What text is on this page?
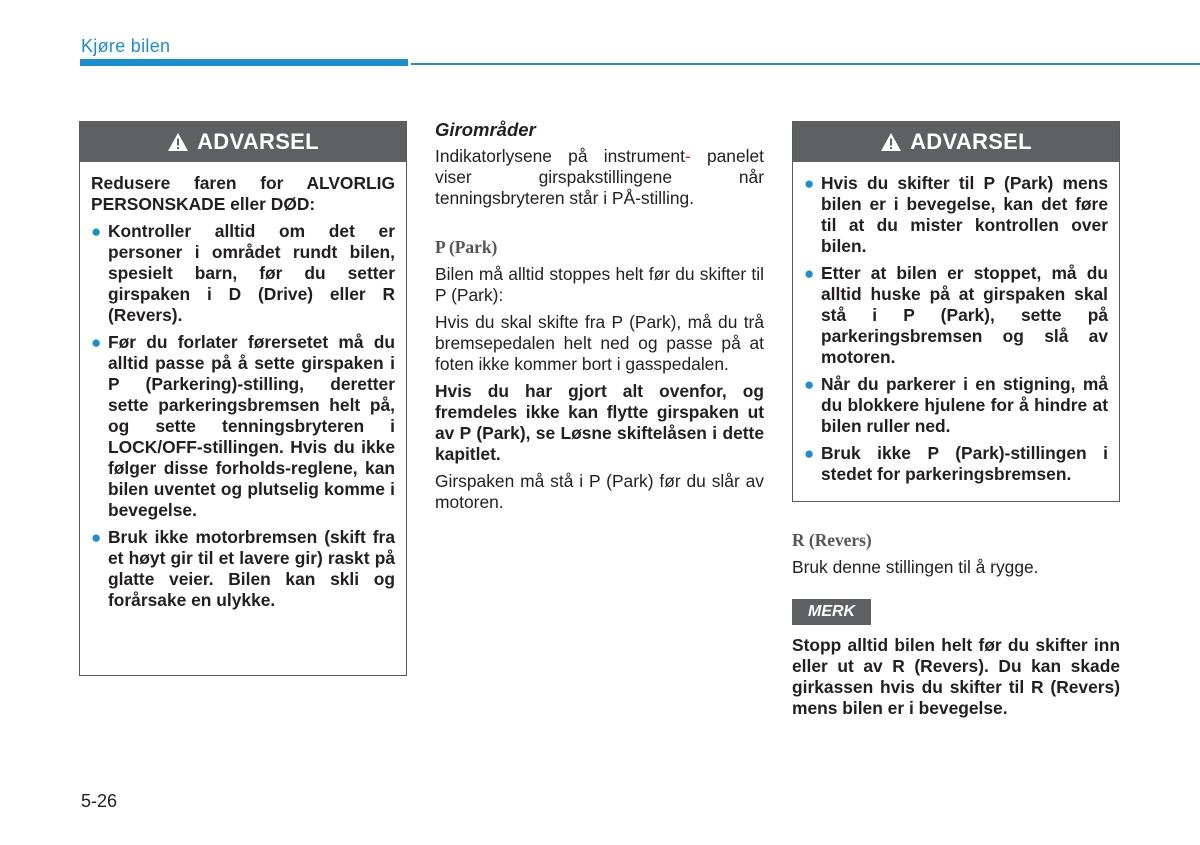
Kjøre bilen
ADVARSEL

Redusere faren for ALVORLIG PERSONSKADE eller DØD:

● Kontroller alltid om det er personer i området rundt bilen, spesielt barn, før du setter girspaken i D (Drive) eller R (Revers).
● Før du forlater førersetet må du alltid passe på å sette girspaken i P (Parkering)-stilling, deretter sette parkeringsbremsen helt på, og sette tenningsbryteren i LOCK/OFF-stillingen. Hvis du ikke følger disse forholds-reglene, kan bilen uventet og plutselig komme i bevegelse.
● Bruk ikke motorbremsen (skift fra et høyt gir til et lavere gir) raskt på glatte veier. Bilen kan skli og forårsake en ulykke.

Girområder

Indikatorlysene på instrument- panelet viser girspakstillingene når tenningsbryteren står i PÅ-stilling.

P (Park)

Bilen må alltid stoppes helt før du skifter til P (Park):

Hvis du skal skifte fra P (Park), må du trå bremsepedalen helt ned og passe på at foten ikke kommer bort i gasspedalen.

Hvis du har gjort alt ovenfor, og fremdeles ikke kan flytte girspaken ut av P (Park), se Løsne skiftelåsen i dette kapitlet.

Girspaken må stå i P (Park) før du slår av motoren.

ADVARSEL
● Hvis du skifter til P (Park) mens bilen er i bevegelse, kan det føre til at du mister kontrollen over bilen.
● Etter at bilen er stoppet, må du alltid huske på at girspaken skal stå i P (Park), sette på parkeringsbremsen og slå av motoren.
● Når du parkerer i en stigning, må du blokkere hjulene for å hindre at bilen ruller ned.
● Bruk ikke P (Park)-stillingen i stedet for parkeringsbremsen.

R (Revers)

Bruk denne stillingen til å rygge.

MERK

Stopp alltid bilen helt før du skifter inn eller ut av R (Revers). Du kan skade girkassen hvis du skifter til R (Revers) mens bilen er i bevegelse.

5-26
